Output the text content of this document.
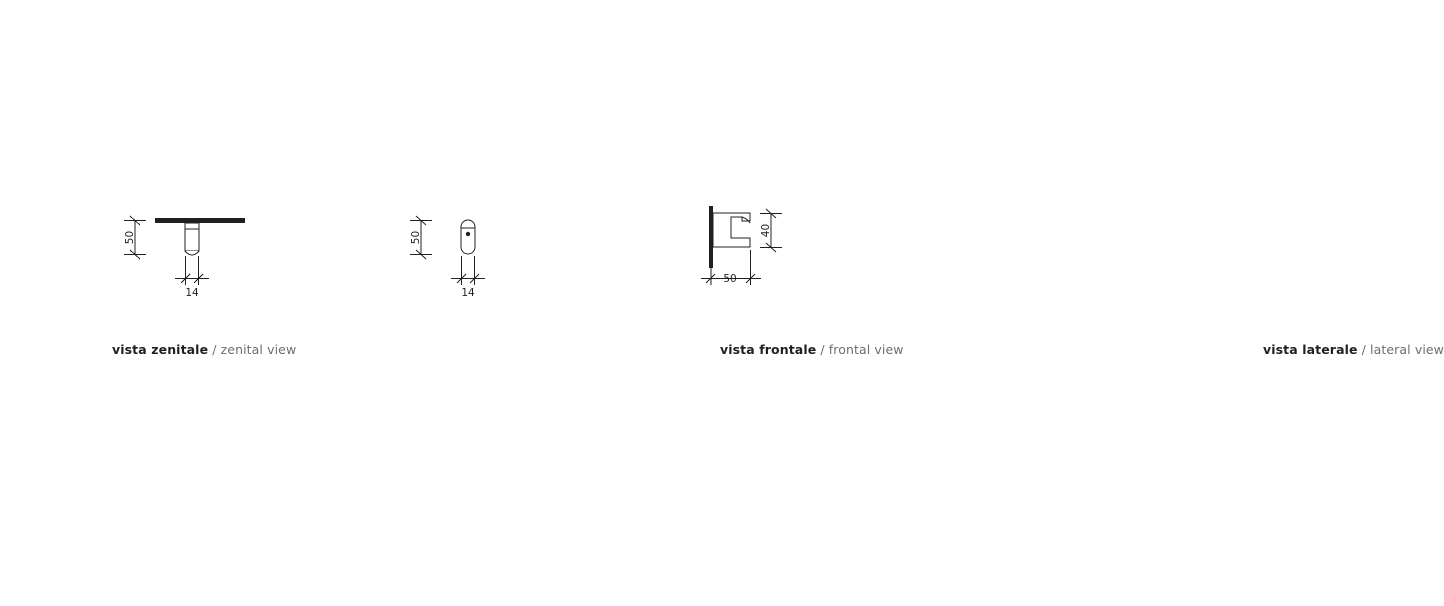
50
14
vista zenitale / zenital view
50
14
vista frontale / frontal view
40
50
vista laterale / lateral view
